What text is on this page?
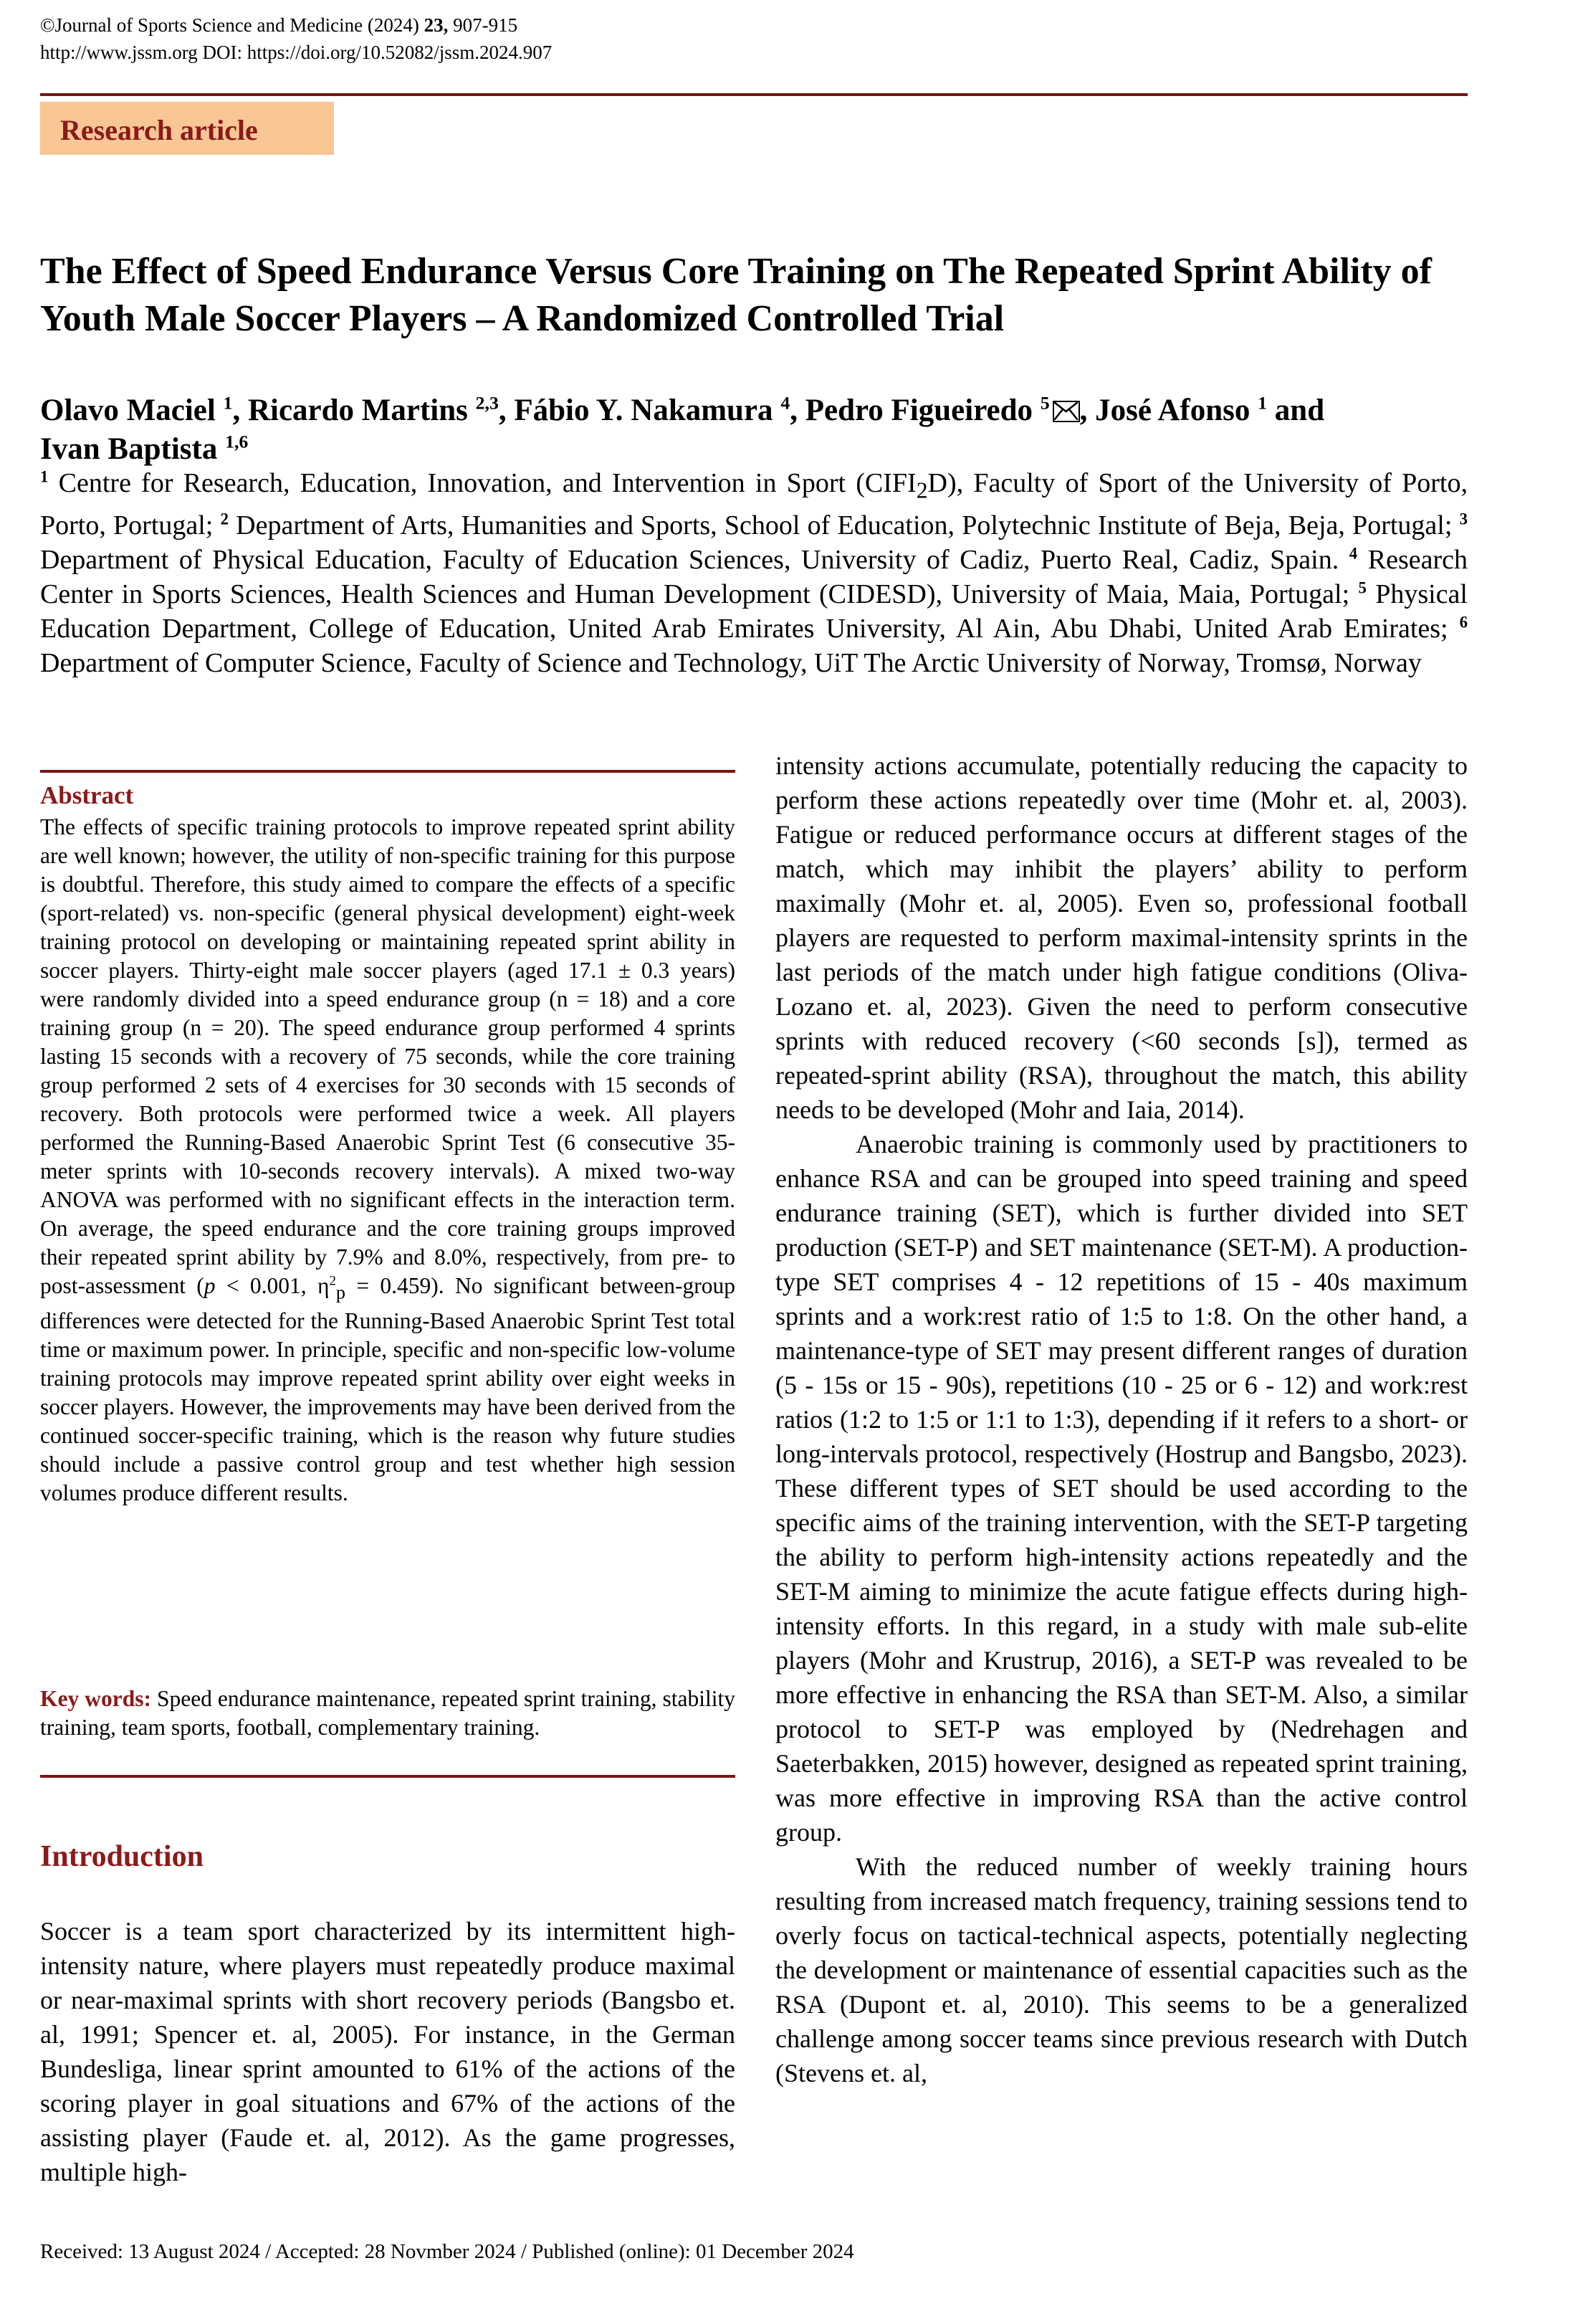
©Journal of Sports Science and Medicine (2024) 23, 907-915
http://www.jssm.org DOI: https://doi.org/10.52082/jssm.2024.907
Research article
The Effect of Speed Endurance Versus Core Training on The Repeated Sprint Ability of Youth Male Soccer Players – A Randomized Controlled Trial
Olavo Maciel $^1$, Ricardo Martins $^{2,3}$, Fábio Y. Nakamura $^4$, Pedro Figueiredo $^5$ , José Afonso $^1$ and
Ivan Baptista $^{1,6}$
$^1$ Centre for Research, Education, Innovation, and Intervention in Sport $(CIFI_2D)$, Faculty of Sport of the University of Porto, Porto, Portugal; $^2$ Department of Arts, Humanities and Sports, School of Education, Polytechnic Institute of Beja, Beja, Portugal; $^3$ Department of Physical Education, Faculty of Education Sciences, University of Cadiz, Puerto Real, Cadiz, Spain. $^4$ Research Center in Sports Sciences, Health Sciences and Human Development (CIDESD), University of Maia, Maia, Portugal; $^5$ Physical Education Department, College of Education, United Arab Emirates University, Al Ain, Abu Dhabi, United Arab Emirates; $^6$ Department of Computer Science, Faculty of Science and Technology, UiT The Arctic University of Norway, Tromsø, Norway
Abstract
The effects of specific training protocols to improve repeated sprint ability are well known; however, the utility of non-specific training for this purpose is doubtful. Therefore, this study aimed to compare the effects of a specific (sport-related) vs. non-specific (general physical development) eight-week training protocol on developing or maintaining repeated sprint ability in soccer players. Thirty-eight male soccer players (aged 17.1 ± 0.3 years) were randomly divided into a speed endurance group (n = 18) and a core training group (n = 20). The speed endurance group performed 4 sprints lasting 15 seconds with a recovery of 75 seconds, while the core training group performed 2 sets of 4 exercises for 30 seconds with 15 seconds of recovery. Both protocols were performed twice a week. All players performed the Running-Based Anaerobic Sprint Test (6 consecutive 35-meter sprints with 10-seconds recovery intervals). A mixed two-way ANOVA was performed with no significant effects in the interaction term. On average, the speed endurance and the core training groups improved their repeated sprint ability by 7.9% and 8.0%, respectively, from pre- to post-assessment (p < 0.001, $\eta^2_p = 0.459$). No significant between-group differences were detected for the Running-Based Anaerobic Sprint Test total time or maximum power. In principle, specific and non-specific low-volume training protocols may improve repeated sprint ability over eight weeks in soccer players. However, the improvements may have been derived from the continued soccer-specific training, which is the reason why future studies should include a passive control group and test whether high session volumes produce different results.
Key words: Speed endurance maintenance, repeated sprint training, stability training, team sports, football, complementary training.
Introduction
Soccer is a team sport characterized by its intermittent high-intensity nature, where players must repeatedly produce maximal or near-maximal sprints with short recovery periods (Bangsbo et. al, 1991; Spencer et. al, 2005). For instance, in the German Bundesliga, linear sprint amounted to 61% of the actions of the scoring player in goal situations and 67% of the actions of the assisting player (Faude et. al, 2012). As the game progresses, multiple high-

intensity actions accumulate, potentially reducing the capacity to perform these actions repeatedly over time (Mohr et. al, 2003). Fatigue or reduced performance occurs at different stages of the match, which may inhibit the players’ ability to perform maximally (Mohr et. al, 2005). Even so, professional football players are requested to perform maximal-intensity sprints in the last periods of the match under high fatigue conditions (Oliva-Lozano et. al, 2023). Given the need to perform consecutive sprints with reduced recovery (<60 seconds [s]), termed as repeated-sprint ability (RSA), throughout the match, this ability needs to be developed (Mohr and Iaia, 2014).

Anaerobic training is commonly used by practitioners to enhance RSA and can be grouped into speed training and speed endurance training (SET), which is further divided into SET production (SET-P) and SET maintenance (SET-M). A production-type SET comprises 4 - 12 repetitions of 15 - 40s maximum sprints and a work:rest ratio of 1:5 to 1:8. On the other hand, a maintenance-type of SET may present different ranges of duration (5 - 15s or 15 - 90s), repetitions (10 - 25 or 6 - 12) and work:rest ratios (1:2 to 1:5 or 1:1 to 1:3), depending if it refers to a short- or long-intervals protocol, respectively (Hostrup and Bangsbo, 2023). These different types of SET should be used according to the specific aims of the training intervention, with the SET-P targeting the ability to perform high-intensity actions repeatedly and the SET-M aiming to minimize the acute fatigue effects during high-intensity efforts. In this regard, in a study with male sub-elite players (Mohr and Krustrup, 2016), a SET-P was revealed to be more effective in enhancing the RSA than SET-M. Also, a similar protocol to SET-P was employed by (Nedrehagen and Saeterbakken, 2015) however, designed as repeated sprint training, was more effective in improving RSA than the active control group.

With the reduced number of weekly training hours resulting from increased match frequency, training sessions tend to overly focus on tactical-technical aspects, potentially neglecting the development or maintenance of essential capacities such as the RSA (Dupont et. al, 2010). This seems to be a generalized challenge among soccer teams since previous research with Dutch (Stevens et. al,

Received: 13 August 2024 / Accepted: 28 Novmber 2024 / Published (online): 01 December 2024
